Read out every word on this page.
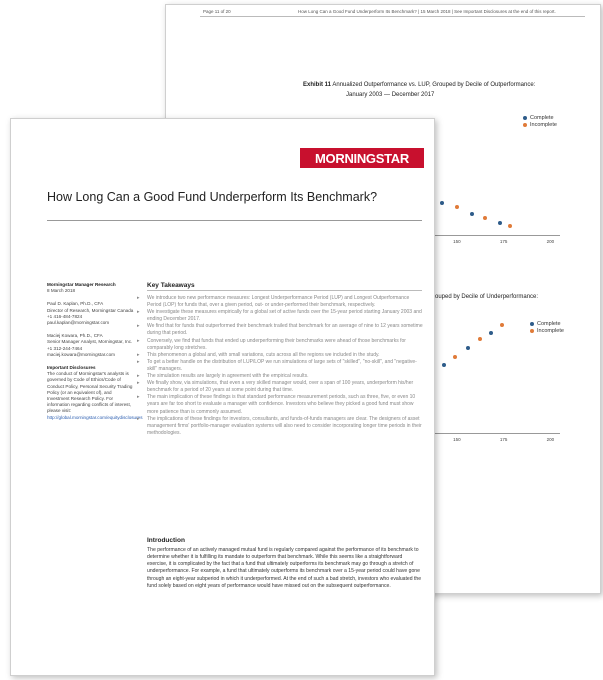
Page 11 of 20	How Long Can a Good Fund Underperform Its Benchmark? | 15 March 2018 | See Important Disclosures at the end of this report.
Exhibit 11 Annualized Outperformance vs. LUP, Grouped by Decile of Outperformance:
January 2003 — December 2017
150	175	200
Complete
Incomplete
ouped by Decile of Underperformance:
150	175	200
Complete
Incomplete
MORNINGSTAR
How Long Can a Good Fund Underperform Its Benchmark?
Morningstar Manager Research
8 March 2018
Paul D. Kaplan, Ph.D., CFA
Director of Research, Morningstar Canada
+1 416-484-7824
paul.kaplan@morningstar.com
Maciej Kowara, Ph.D., CFA
Senior Manager Analyst, Morningstar, Inc.
+1 312-244-7464
maciej.kowara@morningstar.com
Important Disclosures
The conduct of Morningstar's analysts is governed by Code of Ethics/Code of Conduct Policy, Personal Security Trading Policy (or an equivalent of), and Investment Research Policy. For information regarding conflicts of interest, please visit:
http://global.morningstar.com/equitydisclosures
Key Takeaways
▸ We introduce two new performance measures: Longest Underperformance Period (LUP) and Longest Outperformance Period (LOP) for funds that, over a given period, out- or under-performed their benchmark, respectively.
▸ We investigate these measures empirically for a global set of active funds over the 15-year period starting January 2003 and ending December 2017.
▸ We find that for funds that outperformed their benchmark trailed that benchmark for an average of nine to 12 years sometime during that period.
▸ Conversely, we find that funds that ended up underperforming their benchmarks were ahead of those benchmarks for comparably long stretches.
▸ This phenomenon a global and, with small variations, cuts across all the regions we included in the study.
▸ To get a better handle on the distribution of LUP/LOP we run simulations of large sets of "skilled", "no-skill", and "negative-skill" managers.
▸ The simulation results are largely in agreement with the empirical results.
▸ We finally show, via simulations, that even a very skilled manager would, over a span of 100 years, underperform his/her benchmark for a period of 20 years at some point during that time.
▸ The main implication of these findings is that standard performance measurement periods, such as three, five, or even 10 years are far too short to evaluate a manager with confidence. Investors who believe they picked a good fund must show more patience than is commonly assumed.
▸ The implications of these findings for investors, consultants, and funds-of-funds managers are clear. The designers of asset management firms' portfolio-manager evaluation systems will also need to consider incorporating longer time periods in their methodologies.
Introduction
The performance of an actively managed mutual fund is regularly compared against the performance of its benchmark to determine whether it is fulfilling its mandate to outperform that benchmark. While this seems like a straightforward exercise, it is complicated by the fact that a fund that ultimately outperforms its benchmark may go through a stretch of underperformance. For example, a fund that ultimately outperforms its benchmark over a 15-year period could have gone through an eight-year subperiod in which it underperformed. At the end of such a bad stretch, investors who evaluated the fund solely based on eight years of performance would have missed out on the subsequent outperformance.
